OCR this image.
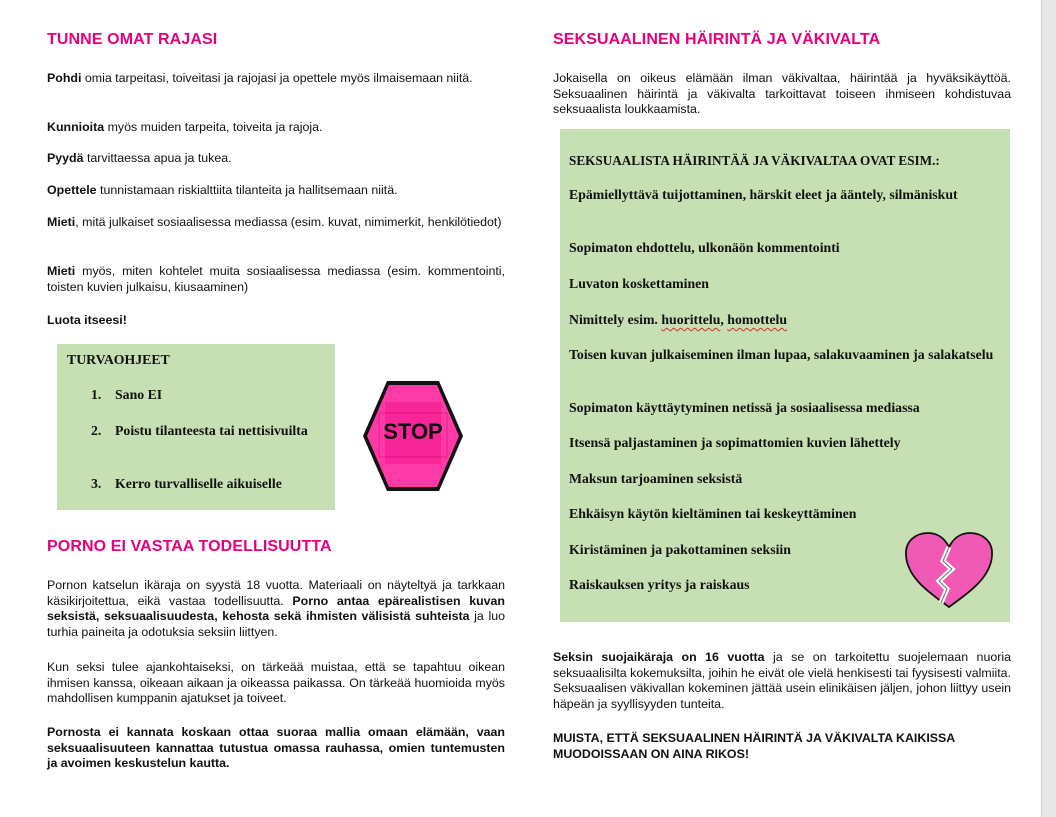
TUNNE OMAT RAJASI

Pohdi omia tarpeitasi, toiveitasi ja rajojasi ja opettele myös ilmaisemaan niitä.

Kunnioita myös muiden tarpeita, toiveita ja rajoja.

Pyydä tarvittaessa apua ja tukea.

Opettele tunnistamaan riskialttiita tilanteita ja hallitsemaan niitä.

Mieti, mitä julkaiset sosiaalisessa mediassa (esim. kuvat, nimimerkit, henkilötiedot)

Mieti myös, miten kohtelet muita sosiaalisessa mediassa (esim. kommentointi, toisten kuvien julkaisu, kiusaaminen)

Luota itseesi!

TURVAOHJEET

1. Sano EI

2. Poistu tilanteesta tai nettisivuilta

3. Kerro turvalliselle aikuiselle

STOP
PORNO EI VASTAA TODELLISUUTTA

Pornon katselun ikäraja on syystä 18 vuotta. Materiaali on näyteltyä ja tarkkaan käsikirjoitettua, eikä vastaa todellisuutta. Porno antaa epärealistisen kuvan seksistä, seksuaalisuudesta, kehosta sekä ihmisten välisistä suhteista ja luo turhia paineita ja odotuksia seksiin liittyen.

Kun seksi tulee ajankohtaiseksi, on tärkeää muistaa, että se tapahtuu oikean ihmisen kanssa, oikeaan aikaan ja oikeassa paikassa. On tärkeää huomioida myös mahdollisen kumppanin ajatukset ja toiveet.

Pornosta ei kannata koskaan ottaa suoraa mallia omaan elämään, vaan seksuaalisuuteen kannattaa tutustua omassa rauhassa, omien tuntemusten ja avoimen keskustelun kautta.

SEKSUAALINEN HÄIRINTÄ JA VÄKIVALTA

Jokaisella on oikeus elämään ilman väkivaltaa, häirintää ja hyväksikäyttöä. Seksuaalinen häirintä ja väkivalta tarkoittavat toiseen ihmiseen kohdistuvaa seksuaalista loukkaamista.

SEKSUAALISTA HÄIRINTÄÄ JA VÄKIVALTAA OVAT ESIM.:

Epämiellyttävä tuijottaminen, härskit eleet ja ääntely, silmäniskut

Sopimaton ehdottelu, ulkonäön kommentointi

Luvaton koskettaminen

Nimittely esim. huorittelu, homottelu

Toisen kuvan julkaiseminen ilman lupaa, salakuvaaminen ja salakatselu

Sopimaton käyttäytyminen netissä ja sosiaalisessa mediassa

Itsensä paljastaminen ja sopimattomien kuvien lähettely

Maksun tarjoaminen seksistä

Ehkäisyn käytön kieltäminen tai keskeyttäminen

Kiristäminen ja pakottaminen seksiin

Raiskauksen yritys ja raiskaus

Seksin suojaikäraja on 16 vuotta ja se on tarkoitettu suojelemaan nuoria seksuaalisilta kokemuksilta, joihin he eivät ole vielä henkisesti tai fyysisesti valmiita. Seksuaalisen väkivallan kokeminen jättää usein elinikäisen jäljen, johon liittyy usein häpeän ja syyllisyyden tunteita.

MUISTA, ETTÄ SEKSUAALINEN HÄIRINTÄ JA VÄKIVALTA KAIKISSA MUODOISSAAN ON AINA RIKOS!
